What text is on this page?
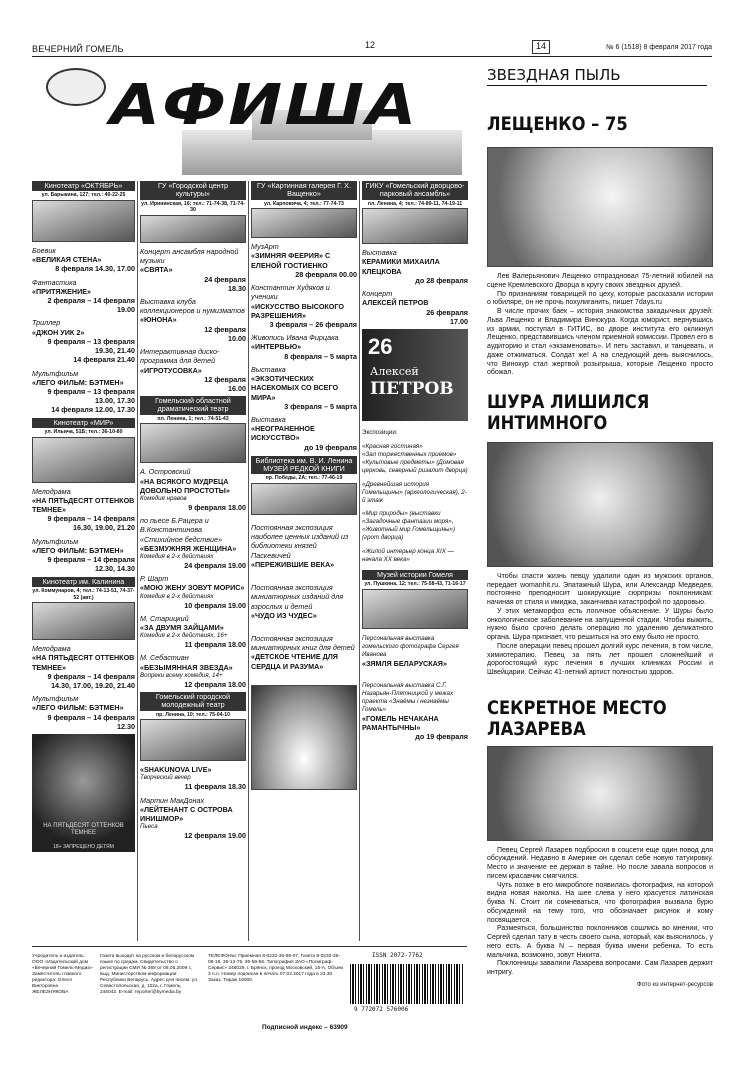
ВЕЧЕРНИЙ ГОМЕЛЬ	12	14	№ 6 (1518) 8 февраля 2017 года
АФИША
Кинотеатр «ОКТЯБРЬ»
ул. Барыкина, 127; тел.: 40-22-25
Боевик
«ВЕЛИКАЯ СТЕНА»
8 февраля 14.30, 17.00
Фантастика
«ПРИТЯЖЕНИЕ»
2 февраля – 14 февраля 19.00
Триллер
«ДЖОН УИК 2»
9 февраля – 13 февраля
19.30, 21.40
14 февраля 21.40
Мультфильм
«ЛЕГО ФИЛЬМ: БЭТМЕН»
9 февраля – 13 февраля
13.00, 17.30
14 февраля 12.00, 17.30
Кинотеатр «МИР»
ул. Ильича, 51Б; тел.: 36-10-80
Мелодрама
«НА ПЯТЬДЕСЯТ ОТТЕНКОВ ТЕМНЕЕ»
9 февраля – 14 февраля
16.30, 19.00, 21.20
Мультфильм
«ЛЕГО ФИЛЬМ: БЭТМЕН»
9 февраля – 14 февраля
12.30, 14.30
Кинотеатр им. Калинина
ул. Коммунаров, 4; тел.: 74-13-51, 74-37-52 (авт.)
Мелодрама
«НА ПЯТЬДЕСЯТ ОТТЕНКОВ ТЕМНЕЕ»
9 февраля – 14 февраля
14.30, 17.00, 19.20, 21.40
Мультфильм
«ЛЕГО ФИЛЬМ: БЭТМЕН»
9 февраля – 14 февраля 12.30
НА ПЯТЬДЕСЯТ ОТТЕНКОВ ТЕМНЕЕ
18+ ЗАПРЕЩЕНО ДЕТЯМ
ГУ «Городской центр культуры»
ул. Ирининская, 16; тел.: 71-74-38, 71-74-30
Концерт ансамбля народной музыки
«СВЯТА»
24 февраля
18.30
Выставка клуба коллекционеров и нумизматов
«ЮНОНА»
12 февраля
10.00
Интерактивная диско-программа для детей
«ИГРОТУСОВКА»
12 февраля
16.00
Гомельский областной драматический театр
пл. Ленина, 1; тел.: 74-51-43
А. Островский
«НА ВСЯКОГО МУДРЕЦА ДОВОЛЬНО ПРОСТОТЫ»
Комедия нравов
9 февраля 18.00
по пьесе Б.Рацера и В.Константинова «Стихийное бедствие»
«БЕЗМУЖНЯЯ ЖЕНЩИНА»
Комедия в 2-х действиях
24 февраля 19.00
Р. Шарт
«МОЮ ЖЕНУ ЗОВУТ МОРИС»
Комедия в 2-х действиях
10 февраля 19.00
М. Старицкий
«ЗА ДВУМЯ ЗАЙЦАМИ»
Комедия в 2-х действиях, 16+
11 февраля 18.00
М. Себастиан
«БЕЗЫМЯННАЯ ЗВЕЗДА»
Вопреки всему комедия, 14+
12 февраля 18.00
Гомельский городской молодежный театр
пр. Ленина, 10; тел.: 75-04-10
«SHAKUNOVA LIVE»
Творческий вечер
11 февраля 18.30
Мартин МакДонах
«ЛЕЙТЕНАНТ С ОСТРОВА ИНИШМОР»
Пьеса
12 февраля 19.00
ГУ «Картинная галерея Г. Х. Ващенко»
ул. Карповича, 4; тел.: 77-74-73
МузАрт
«ЗИМНЯЯ ФЕЕРИЯ» С ЕЛЕНОЙ ГОСТИЕНКО
28 февраля 00.00
Константин Худяков и ученики
«ИСКУССТВО ВЫСОКОГО РАЗРЕШЕНИЯ»
3 февраля – 26 февраля
Живопись Ивана Фирцака
«ИНТЕРВЬЮ»
8 февраля – 5 марта
Выставка
«ЭКЗОТИЧЕСКИХ НАСЕКОМЫХ СО ВСЕГО МИРА»
3 февраля – 5 марта
Выставка
«НЕОГРАНЕННОЕ ИСКУССТВО»
до 19 февраля
Библиотека им. В. И. Ленина МУЗЕЙ РЕДКОЙ КНИГИ
пр. Победы, 2А; тел.: 77-46-19
Постоянная экспозиция наиболее ценных изданий из библиотеки князей Паскевичей
«ПЕРЕЖИВШИЕ ВЕКА»
Постоянная экспозиция миниатюрных изданий для взрослых и детей
«ЧУДО ИЗ ЧУДЕС»
Постоянная экспозиция миниатюрных книг для детей
«ДЕТСКОЕ ЧТЕНИЕ ДЛЯ СЕРДЦА И РАЗУМА»
ГИКУ «Гомельский дворцово-парковый ансамбль»
пл. Ленина, 4; тел.: 74-89-11, 74-19-11
Выставка
КЕРАМИКИ МИХАИЛА КЛЕЦКОВА
до 28 февраля
Концерт
АЛЕКСЕЙ ПЕТРОВ
26 февраля
17.00
26
Алексей
ПЕТРОВ
Экспозиции:
«Красная гостиная»
«Зал торжественных приемов»
«Культовые предметы» (Домовая церковь, северный ризалит дворца)
«Древнейшая история Гомельщины» (археологическая), 2-й этаж
«Мир природы» (выставки «Загадочные фантазии моря», «Животный мир Гомельщины») (грот дворца)
«Жилой интерьер конца XIX — начала XX века»
Музей истории Гомеля
ул. Пушкина, 12; тел.: 75-58-43, 71-16-17
Персональная выставка гомельского фотографа Сергея Иванова
«ЗЯМЛЯ БЕЛАРУСКАЯ»
Персональная выставка С.Г. Назарьян-Плятницкой у межах праекта «Знаёмы і незнаёмы Гомель»
«ГОМЕЛЬ НЕЧАКАНА РАМАНТЫЧНЫ»
до 19 февраля
ЗВЕЗДНАЯ ПЫЛЬ
ЛЕЩЕНКО – 75

Лев Валерьянович Лещенко отпраздновал 75-летний юбилей на сцене Кремлевского Дворца в кругу своих звездных друзей.

По признаниям товарищей по цеху, которые рассказали истории о юбиляре, он не прочь похулиганить, пишет 7days.ru

В числе прочих баек – история знакомства закадычных друзей: Льва Лещенко и Владимира Винокура. Когда юморист, вернувшись из армии, поступал в ГИТИС, во дворе института его окликнул Лещенко, представившись членом приемной комиссии. Провел его в аудиторию и стал «экзаменовать». И петь заставил, и танцевать, и даже отжиматься. Солдат же! А на следующий день выяснилось, что Винокур стал жертвой розыгрыша, которые Лещенко просто обожал.

ШУРА ЛИШИЛСЯ
ИНТИМНОГО

Чтобы спасти жизнь певцу удалили один из мужских органов, передает womanhit.ru. Эпатажный Шура, или Александр Медведев, постоянно преподносит шокирующие сюрпризы поклонникам: начиная от стиля и имиджа, заканчивая катастрофой по здоровью.

У этих метаморфоз есть логичное объяснение. У Шуры было онкологическое заболевание на запущенной стадии. Чтобы выжить, нужно было срочно делать операцию по удалению деликатного органа. Шура признает, что решиться на это ему было не просто.

После операции певец прошел долгий курс лечения, в том числе, химиотерапию. Певец за пять лет прошел сложнейший и дорогостоящий курс лечения в лучших клиниках России и Швейцарии. Сейчас 41-летний артист полностью здоров.

СЕКРЕТНОЕ МЕСТО
ЛАЗАРЕВА

Певец Сергей Лазарев подбросил в соцсети еще один повод для обсуждений. Недавно в Америке он сделал себе новую татуировку. Место и значение ее держал в тайне. Но после завала вопросов и писем красавчик смягчился.

Чуть позже в его микроблоге появилась фотография, на которой видна новая наколка. На шее слева у него красуется латинская буква N. Стоит ли сомневаться, что фотография вызвала бурю обсуждений на тему того, что обозначает рисунок и кому посвящается.

Размеяться, большинство поклонников сошлись во мнении, что Сергей сделал тату в честь своего сына, который, как выяснилось, у него есть. А буква N – первая буква имени ребенка. То есть мальчика, возможно, зовут Никита.

Поклонницы завалили Лазарева вопросами. Сам Лазарев держит интригу.

Фото из интернет-ресурсов
Учредитель и издатель: ООО «Издательский дом «Вечерний Гомель-Медиа» Заместитель главного редактора: Олеся Викторовна ЖЕЛЕЗНЯКОВА
Газета выходит на русском и белорусском языке по средам. Свидетельство о регистрации СМИ № 369 от 08.05.2009 г., выд. Министерством информации Республики Беларусь. Адрес для писем: ул. Севастопольская, д. 102а, г. Гомель, 246042. E-mail: reporter@bymedia.by
ТЕЛЕФОНЫ: Приемная 8-0232-36-59-07, Газета 8-0232-36-08-18, 36-13-75, 36-59-56. Типография ЗАО «Полиграф-Сервис» 246029, г. Брянск, проезд Московский, 15-А. Объем 3 п.л. Номер подписан в печать 07.02.2017 года в 23.30. Заказ. Тираж 16000.
Подписной индекс – 63909
ISSN 2072-7762
9 772072 576006
